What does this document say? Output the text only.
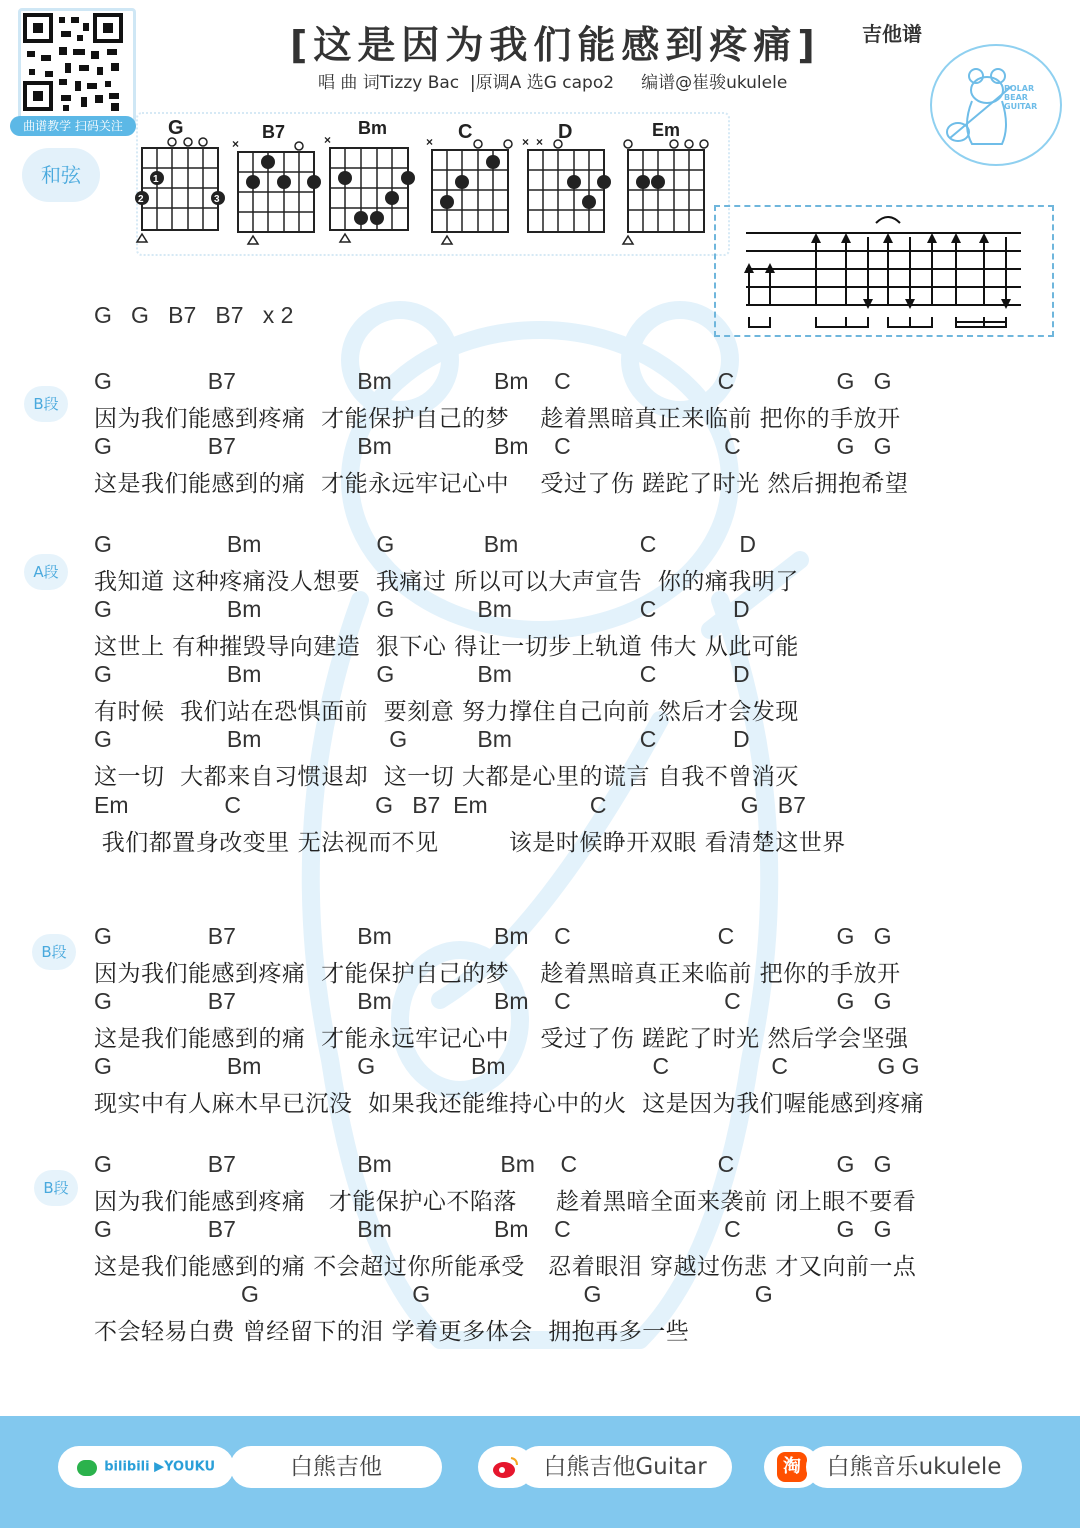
曲谱教学 扫码关注
[这是因为我们能感到疼痛] 吉他谱
唱 曲 词Tizzy Bac  |原调A 选G capo2     编谱@崔骏ukulele	POLAR
BEAR
GUITAR
和弦
G
1
2	3
B7
×
Bm
×	C
×	D
× ×
Em
G   G   B7   B7   x 2
B段
G               B7                   Bm                Bm    C                       C                G   G
因为我们能感到疼痛  才能保护自己的梦    趁着黑暗真正来临前 把你的手放开
G               B7                   Bm                Bm    C                        C               G   G
这是我们能感到的痛  才能永远牢记心中    受过了伤 蹉跎了时光 然后拥抱希望
A段
G                  Bm                  G              Bm                   C             D
我知道 这种疼痛没人想要  我痛过 所以可以大声宣告  你的痛我明了
G                  Bm                  G             Bm                    C            D
这世上 有种摧毁导向建造  狠下心 得让一切步上轨道 伟大 从此可能
G                  Bm                  G             Bm                    C            D
有时候  我们站在恐惧面前  要刻意 努力撑住自己向前 然后才会发现
G                  Bm                    G           Bm                    C            D
这一切  大都来自习惯退却  这一切 大都是心里的谎言 自我不曾消灭
Em               C                     G   B7  Em                C                     G   B7
我们都置身改变里 无法视而不见         该是时候睁开双眼 看清楚这世界
B段
G               B7                   Bm                Bm    C                       C                G   G
因为我们能感到疼痛  才能保护自己的梦    趁着黑暗真正来临前 把你的手放开
G               B7                   Bm                Bm    C                        C               G   G
这是我们能感到的痛  才能永远牢记心中    受过了伤 蹉跎了时光 然后学会坚强
G                  Bm               G               Bm                       C                C              G G
现实中有人麻木早已沉没  如果我还能维持心中的火  这是因为我们喔能感到疼痛
B段
G               B7                   Bm                 Bm    C                      C                G   G
因为我们能感到疼痛   才能保护心不陷落     趁着黑暗全面来袭前 闭上眼不要看
G               B7                   Bm                Bm    C                        C               G   G
这是我们能感到的痛 不会超过你所能承受   忍着眼泪 穿越过伤悲 才又向前一点
G                        G                        G                        G
不会轻易白费 曾经留下的泪 学着更多体会  拥抱再多一些
bilibili ▶YOUKU	白熊吉他	白熊吉他Guitar	淘	白熊音乐ukulele
